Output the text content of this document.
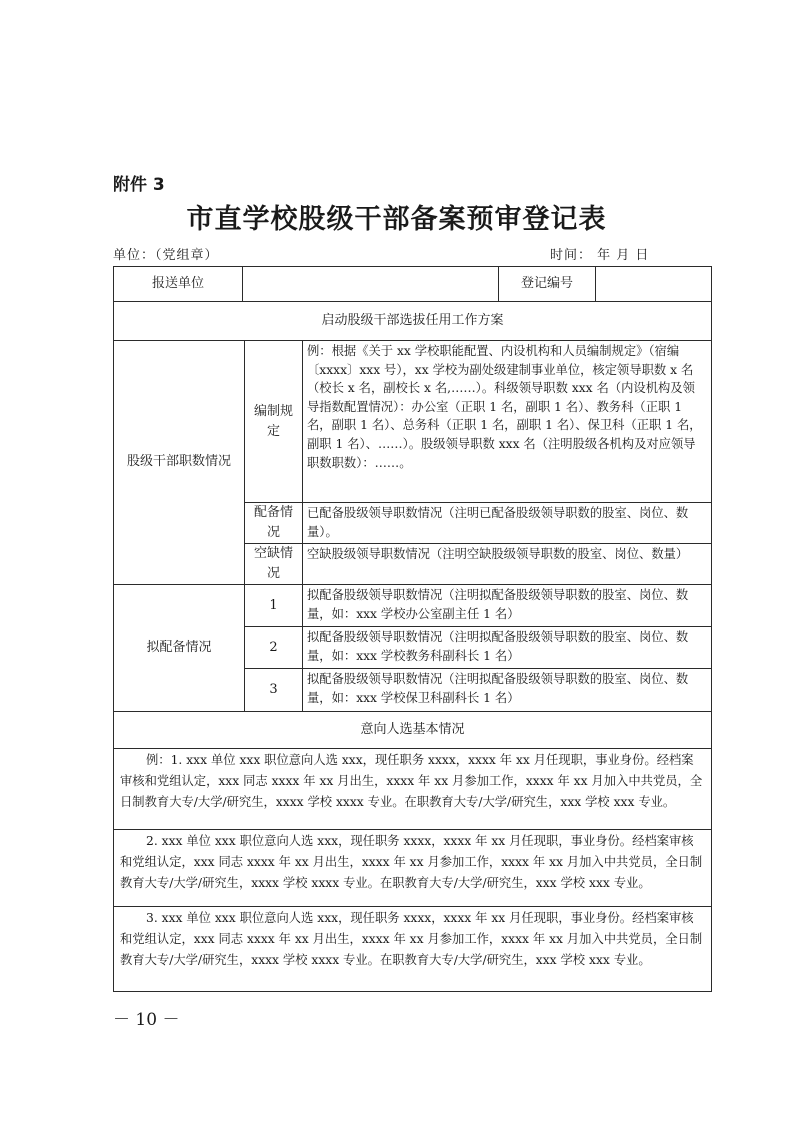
附件 3
市直学校股级干部备案预审登记表
单位：（党组章）	时间： 年 月 日
报送单位	登记编号
启动股级干部选拔任用工作方案
股级干部职数情况
编制规定
例：根据《关于 xx 学校职能配置、内设机构和人员编制规定》（宿编〔xxxx〕xxx 号），xx 学校为副处级建制事业单位，核定领导职数 x 名（校长 x 名，副校长 x 名,……）。科级领导职数 xxx 名（内设机构及领导指数配置情况）：办公室（正职 1 名，副职 1 名）、教务科（正职 1 名，副职 1 名）、总务科（正职 1 名，副职 1 名）、保卫科（正职 1 名，副职 1 名）、……）。股级领导职数 xxx 名（注明股级各机构及对应领导职数职数）：……。
配备情况
已配备股级领导职数情况（注明已配备股级领导职数的股室、岗位、数量）。
空缺情况
空缺股级领导职数情况（注明空缺股级领导职数的股室、岗位、数量）
拟配备情况
1
拟配备股级领导职数情况（注明拟配备股级领导职数的股室、岗位、数量，如：xxx 学校办公室副主任 1 名）
2
拟配备股级领导职数情况（注明拟配备股级领导职数的股室、岗位、数量，如：xxx 学校教务科副科长 1 名）
3
拟配备股级领导职数情况（注明拟配备股级领导职数的股室、岗位、数量，如：xxx 学校保卫科副科长 1 名）
意向人选基本情况
例：1. xxx 单位 xxx 职位意向人选 xxx，现任职务 xxxx，xxxx 年 xx 月任现职，事业身份。经档案审核和党组认定，xxx 同志 xxxx 年 xx 月出生，xxxx 年 xx 月参加工作，xxxx 年 xx 月加入中共党员，全日制教育大专/大学/研究生，xxxx 学校 xxxx 专业。在职教育大专/大学/研究生，xxx 学校 xxx 专业。
2. xxx 单位 xxx 职位意向人选 xxx，现任职务 xxxx，xxxx 年 xx 月任现职，事业身份。经档案审核和党组认定，xxx 同志 xxxx 年 xx 月出生，xxxx 年 xx 月参加工作，xxxx 年 xx 月加入中共党员，全日制教育大专/大学/研究生，xxxx 学校 xxxx 专业。在职教育大专/大学/研究生，xxx 学校 xxx 专业。
3. xxx 单位 xxx 职位意向人选 xxx，现任职务 xxxx，xxxx 年 xx 月任现职，事业身份。经档案审核和党组认定，xxx 同志 xxxx 年 xx 月出生，xxxx 年 xx 月参加工作，xxxx 年 xx 月加入中共党员，全日制教育大专/大学/研究生，xxxx 学校 xxxx 专业。在职教育大专/大学/研究生，xxx 学校 xxx 专业。
－ 10 －
